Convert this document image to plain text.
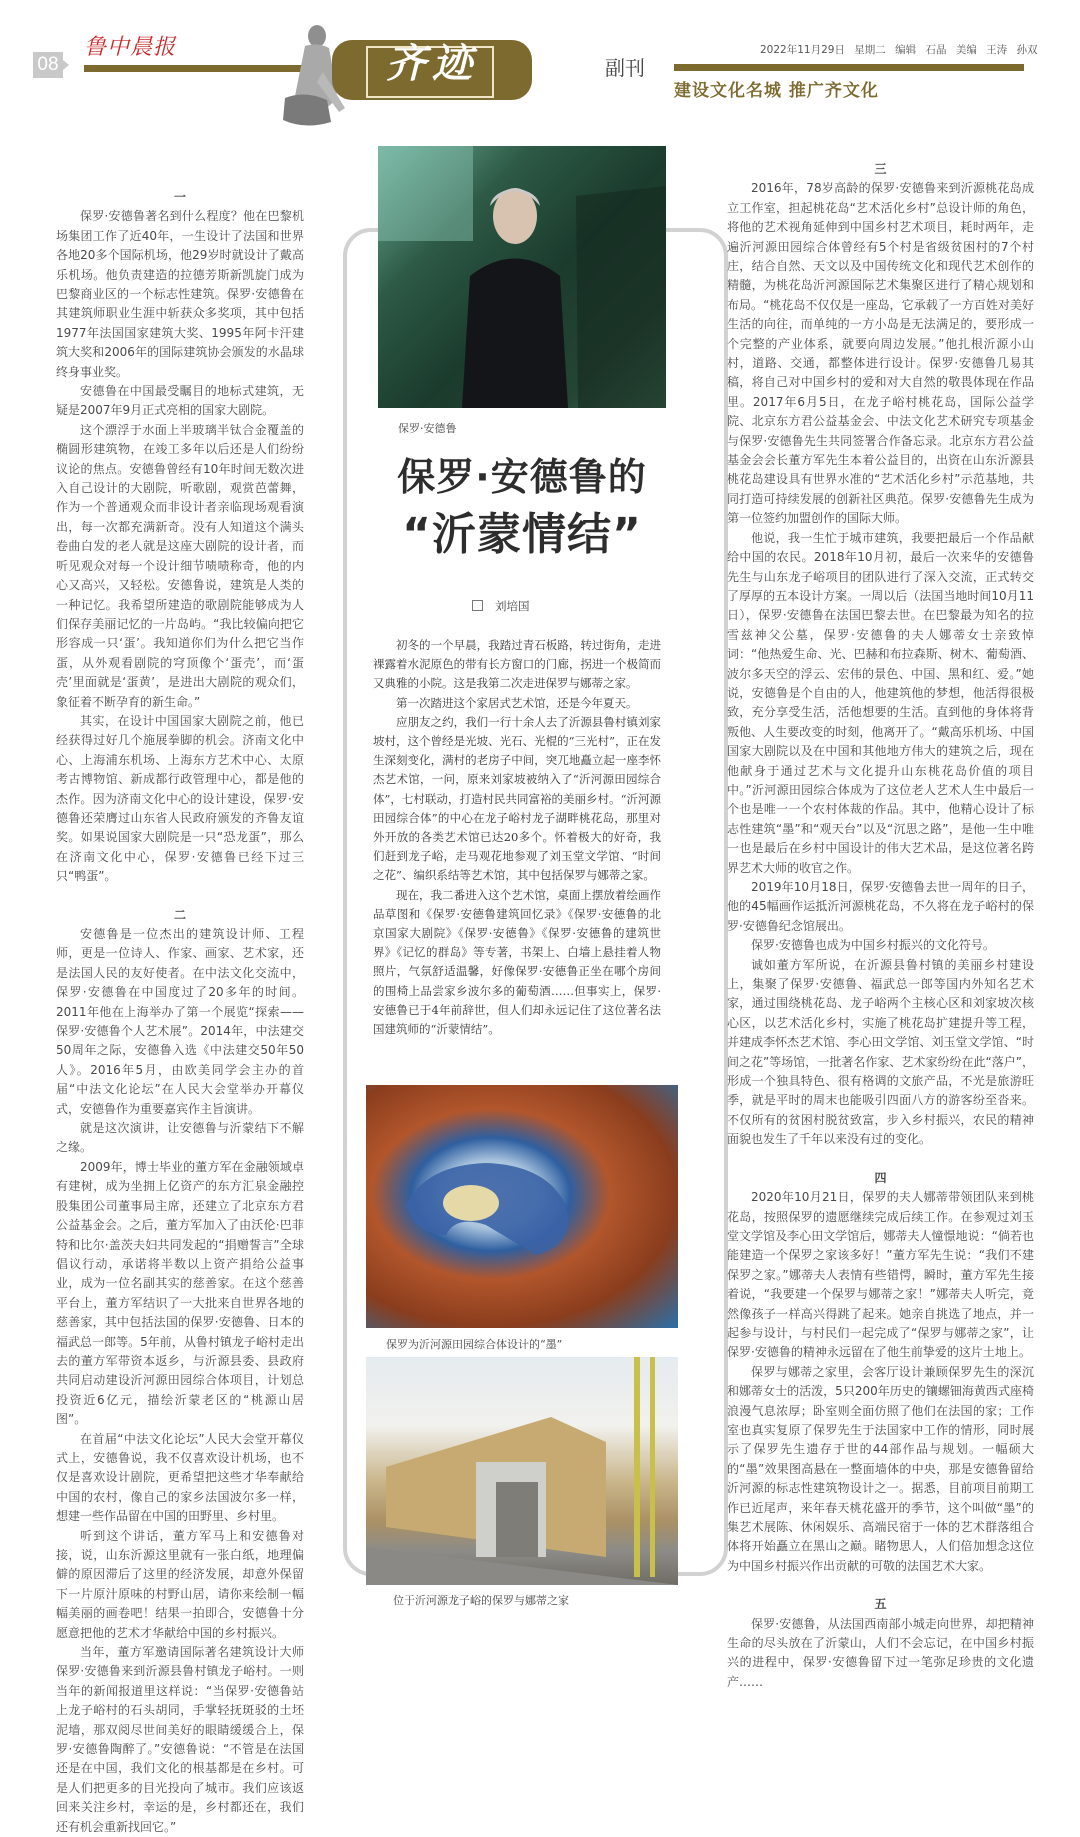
08
鲁中晨报	齐迹	副刊
2022年11月29日 星期二 编辑 石晶 美编 王涛 孙双
建设文化名城 推广齐文化
一

保罗·安德鲁著名到什么程度？他在巴黎机场集团工作了近40年，一生设计了法国和世界各地20多个国际机场，他29岁时就设计了戴高乐机场。他负责建造的拉德芳斯新凯旋门成为巴黎商业区的一个标志性建筑。保罗·安德鲁在其建筑师职业生涯中斩获众多奖项，其中包括1977年法国国家建筑大奖、1995年阿卡汗建筑大奖和2006年的国际建筑协会颁发的水晶球终身事业奖。

安德鲁在中国最受瞩目的地标式建筑，无疑是2007年9月正式亮相的国家大剧院。

这个漂浮于水面上半玻璃半钛合金覆盖的椭圆形建筑物，在竣工多年以后还是人们纷纷议论的焦点。安德鲁曾经有10年时间无数次进入自己设计的大剧院，听歌剧，观赏芭蕾舞，作为一个普通观众而非设计者亲临现场观看演出，每一次都充满新奇。没有人知道这个满头卷曲白发的老人就是这座大剧院的设计者，而听见观众对每一个设计细节啧啧称奇，他的内心又高兴，又轻松。安德鲁说，建筑是人类的一种记忆。我希望所建造的歌剧院能够成为人们保存美丽记忆的一片岛屿。“我比较偏向把它形容成一只‘蛋’。我知道你们为什么把它当作蛋，从外观看剧院的穹顶像个‘蛋壳’，而‘蛋壳’里面就是‘蛋黄’，是进出大剧院的观众们，象征着不断孕育的新生命。”

其实，在设计中国国家大剧院之前，他已经获得过好几个施展拳脚的机会。济南文化中心、上海浦东机场、上海东方艺术中心、太原考古博物馆、新成都行政管理中心，都是他的杰作。因为济南文化中心的设计建设，保罗·安德鲁还荣膺过山东省人民政府颁发的齐鲁友谊奖。如果说国家大剧院是一只“恐龙蛋”，那么在济南文化中心，保罗·安德鲁已经下过三只“鸭蛋”。

二

安德鲁是一位杰出的建筑设计师、工程师，更是一位诗人、作家、画家、艺术家，还是法国人民的友好使者。在中法文化交流中，保罗·安德鲁在中国度过了20多年的时间。2011年他在上海举办了第一个展览“探索——保罗·安德鲁个人艺术展”。2014年，中法建交50周年之际，安德鲁入选《中法建交50年50人》。2016年5月，由欧美同学会主办的首届“中法文化论坛”在人民大会堂举办开幕仪式，安德鲁作为重要嘉宾作主旨演讲。

就是这次演讲，让安德鲁与沂蒙结下不解之缘。

2009年，博士毕业的董方军在金融领域卓有建树，成为坐拥上亿资产的东方汇泉金融控股集团公司董事局主席，还建立了北京东方君公益基金会。之后，董方军加入了由沃伦·巴菲特和比尔·盖茨夫妇共同发起的“捐赠誓言”全球倡议行动，承诺将半数以上资产捐给公益事业，成为一位名副其实的慈善家。在这个慈善平台上，董方军结识了一大批来自世界各地的慈善家，其中包括法国的保罗·安德鲁、日本的福武总一郎等。5年前，从鲁村镇龙子峪村走出去的董方军带资本返乡，与沂源县委、县政府共同启动建设沂河源田园综合体项目，计划总投资近6亿元，描绘沂蒙老区的“桃源山居图”。

在首届“中法文化论坛”人民大会堂开幕仪式上，安德鲁说，我不仅喜欢设计机场，也不仅是喜欢设计剧院，更希望把这些才华奉献给中国的农村，像自己的家乡法国波尔多一样，想建一些作品留在中国的田野里、乡村里。

听到这个讲话，董方军马上和安德鲁对接，说，山东沂源这里就有一张白纸，地理偏僻的原因滞后了这里的经济发展，却意外保留下一片原汁原味的村野山居，请你来绘制一幅幅美丽的画卷吧！结果一拍即合，安德鲁十分愿意把他的艺术才华献给中国的乡村振兴。

当年，董方军邀请国际著名建筑设计大师保罗·安德鲁来到沂源县鲁村镇龙子峪村。一则当年的新闻报道里这样说：“当保罗·安德鲁站上龙子峪村的石头胡同，手掌轻抚斑驳的土坯泥墙，那双阅尽世间美好的眼睛缓缓合上，保罗·安德鲁陶醉了。”安德鲁说：“不管是在法国还是在中国，我们文化的根基都是在乡村。可是人们把更多的目光投向了城市。我们应该返回来关注乡村，幸运的是，乡村都还在，我们还有机会重新找回它。”

保罗·安德鲁
保罗·安德鲁的
“沂蒙情结”
刘培国

初冬的一个早晨，我踏过青石板路，转过街角，走进裸露着水泥原色的带有长方窗口的门廊，拐进一个极简而又典雅的小院。这是我第二次走进保罗与娜蒂之家。

第一次踏进这个家居式艺术馆，还是今年夏天。

应朋友之约，我们一行十余人去了沂源县鲁村镇刘家坡村，这个曾经是光坡、光石、光棍的“三光村”，正在发生深刻变化，满村的老房子中间，突兀地矗立起一座李怀杰艺术馆，一问，原来刘家坡被纳入了“沂河源田园综合体”，七村联动，打造村民共同富裕的美丽乡村。“沂河源田园综合体”的中心在龙子峪村龙子湖畔桃花岛，那里对外开放的各类艺术馆已达20多个。怀着极大的好奇，我们赶到龙子峪，走马观花地参观了刘玉堂文学馆、“时间之花”、编织系结等艺术馆，其中包括保罗与娜蒂之家。

现在，我二番进入这个艺术馆，桌面上摆放着绘画作品草图和《保罗·安德鲁建筑回忆录》《保罗·安德鲁的北京国家大剧院》《保罗·安德鲁》《保罗·安德鲁的建筑世界》《记忆的群岛》等专著，书架上、白墙上悬挂着人物照片，气氛舒适温馨，好像保罗·安德鲁正坐在哪个房间的围椅上品尝家乡波尔多的葡萄酒……但事实上，保罗·安德鲁已于4年前辞世，但人们却永远记住了这位著名法国建筑师的“沂蒙情结”。

保罗为沂河源田园综合体设计的“墨”
位于沂河源龙子峪的保罗与娜蒂之家
三

2016年，78岁高龄的保罗·安德鲁来到沂源桃花岛成立工作室，担起桃花岛“艺术活化乡村”总设计师的角色，将他的艺术视角延伸到中国乡村艺术项目，耗时两年，走遍沂河源田园综合体曾经有5个村是省级贫困村的7个村庄，结合自然、天文以及中国传统文化和现代艺术创作的精髓，为桃花岛沂河源国际艺术集聚区进行了精心规划和布局。“桃花岛不仅仅是一座岛，它承载了一方百姓对美好生活的向往，而单纯的一方小岛是无法满足的，要形成一个完整的产业体系，就要向周边发展。”他扎根沂源小山村，道路、交通，都整体进行设计。保罗·安德鲁几易其稿，将自己对中国乡村的爱和对大自然的敬畏体现在作品里。2017年6月5日，在龙子峪村桃花岛，国际公益学院、北京东方君公益基金会、中法文化艺术研究专项基金与保罗·安德鲁先生共同签署合作备忘录。北京东方君公益基金会会长董方军先生本着公益目的，出资在山东沂源县桃花岛建设具有世界水准的“艺术活化乡村”示范基地，共同打造可持续发展的创新社区典范。保罗·安德鲁先生成为第一位签约加盟创作的国际大师。

他说，我一生忙于城市建筑，我要把最后一个作品献给中国的农民。2018年10月初，最后一次来华的安德鲁先生与山东龙子峪项目的团队进行了深入交流，正式转交了厚厚的五本设计方案。一周以后（法国当地时间10月11日），保罗·安德鲁在法国巴黎去世。在巴黎最为知名的拉雪兹神父公墓，保罗·安德鲁的夫人娜蒂女士亲致悼词：“他热爱生命、光、巴赫和布拉森斯、树木、葡萄酒、波尔多天空的浮云、宏伟的景色、中国、黑和红、爱。”她说，安德鲁是个自由的人，他建筑他的梦想，他活得很极致，充分享受生活，活他想要的生活。直到他的身体将背叛他、人生要改变的时刻，他离开了。“戴高乐机场、中国国家大剧院以及在中国和其他地方伟大的建筑之后，现在他献身于通过艺术与文化提升山东桃花岛价值的项目中。”沂河源田园综合体成为了这位老人艺术人生中最后一个也是唯一一个农村体裁的作品。其中，他精心设计了标志性建筑“墨”和“观天台”以及“沉思之路”，是他一生中唯一也是最后在乡村中国设计的伟大艺术品，是这位著名跨界艺术大师的收官之作。

2019年10月18日，保罗·安德鲁去世一周年的日子，他的45幅画作运抵沂河源桃花岛，不久将在龙子峪村的保罗·安德鲁纪念馆展出。

保罗·安德鲁也成为中国乡村振兴的文化符号。

诚如董方军所说，在沂源县鲁村镇的美丽乡村建设上，集聚了保罗·安德鲁、福武总一郎等国内外知名艺术家，通过围绕桃花岛、龙子峪两个主核心区和刘家坡次核心区，以艺术活化乡村，实施了桃花岛扩建提升等工程，并建成李怀杰艺术馆、李心田文学馆、刘玉堂文学馆、“时间之花”等场馆，一批著名作家、艺术家纷纷在此“落户”，形成一个独具特色、很有格调的文旅产品，不光是旅游旺季，就是平时的周末也能吸引四面八方的游客纷至沓来。不仅所有的贫困村脱贫致富，步入乡村振兴，农民的精神面貌也发生了千年以来没有过的变化。

四

2020年10月21日，保罗的夫人娜蒂带领团队来到桃花岛，按照保罗的遗愿继续完成后续工作。在参观过刘玉堂文学馆及李心田文学馆后，娜蒂夫人憧憬地说：“倘若也能建造一个保罗之家该多好！”董方军先生说：“我们不建保罗之家。”娜蒂夫人表情有些错愕，瞬时，董方军先生接着说，“我要建一个保罗与娜蒂之家！”娜蒂夫人听完，竟然像孩子一样高兴得跳了起来。她亲自挑选了地点，并一起参与设计，与村民们一起完成了“保罗与娜蒂之家”，让保罗·安德鲁的精神永远留在了他生前挚爱的这片土地上。

保罗与娜蒂之家里，会客厅设计兼顾保罗先生的深沉和娜蒂女士的活泼，5只200年历史的镶螺钿海黄西式座椅浪漫气息浓厚；卧室则全面仿照了他们在法国的家；工作室也真实复原了保罗先生于法国家中工作的情形，同时展示了保罗先生遗存于世的44部作品与规划。一幅硕大的“墨”效果图高悬在一整面墙体的中央，那是安德鲁留给沂河源的标志性建筑物设计之一。据悉，目前项目前期工作已近尾声，来年春天桃花盛开的季节，这个叫做“墨”的集艺术展陈、休闲娱乐、高端民宿于一体的艺术群落组合体将开始矗立在黑山之巅。睹物思人，人们倍加想念这位为中国乡村振兴作出贡献的可敬的法国艺术大家。

五

保罗·安德鲁，从法国西南部小城走向世界，却把精神生命的尽头放在了沂蒙山，人们不会忘记，在中国乡村振兴的进程中，保罗·安德鲁留下过一笔弥足珍贵的文化遗产……
